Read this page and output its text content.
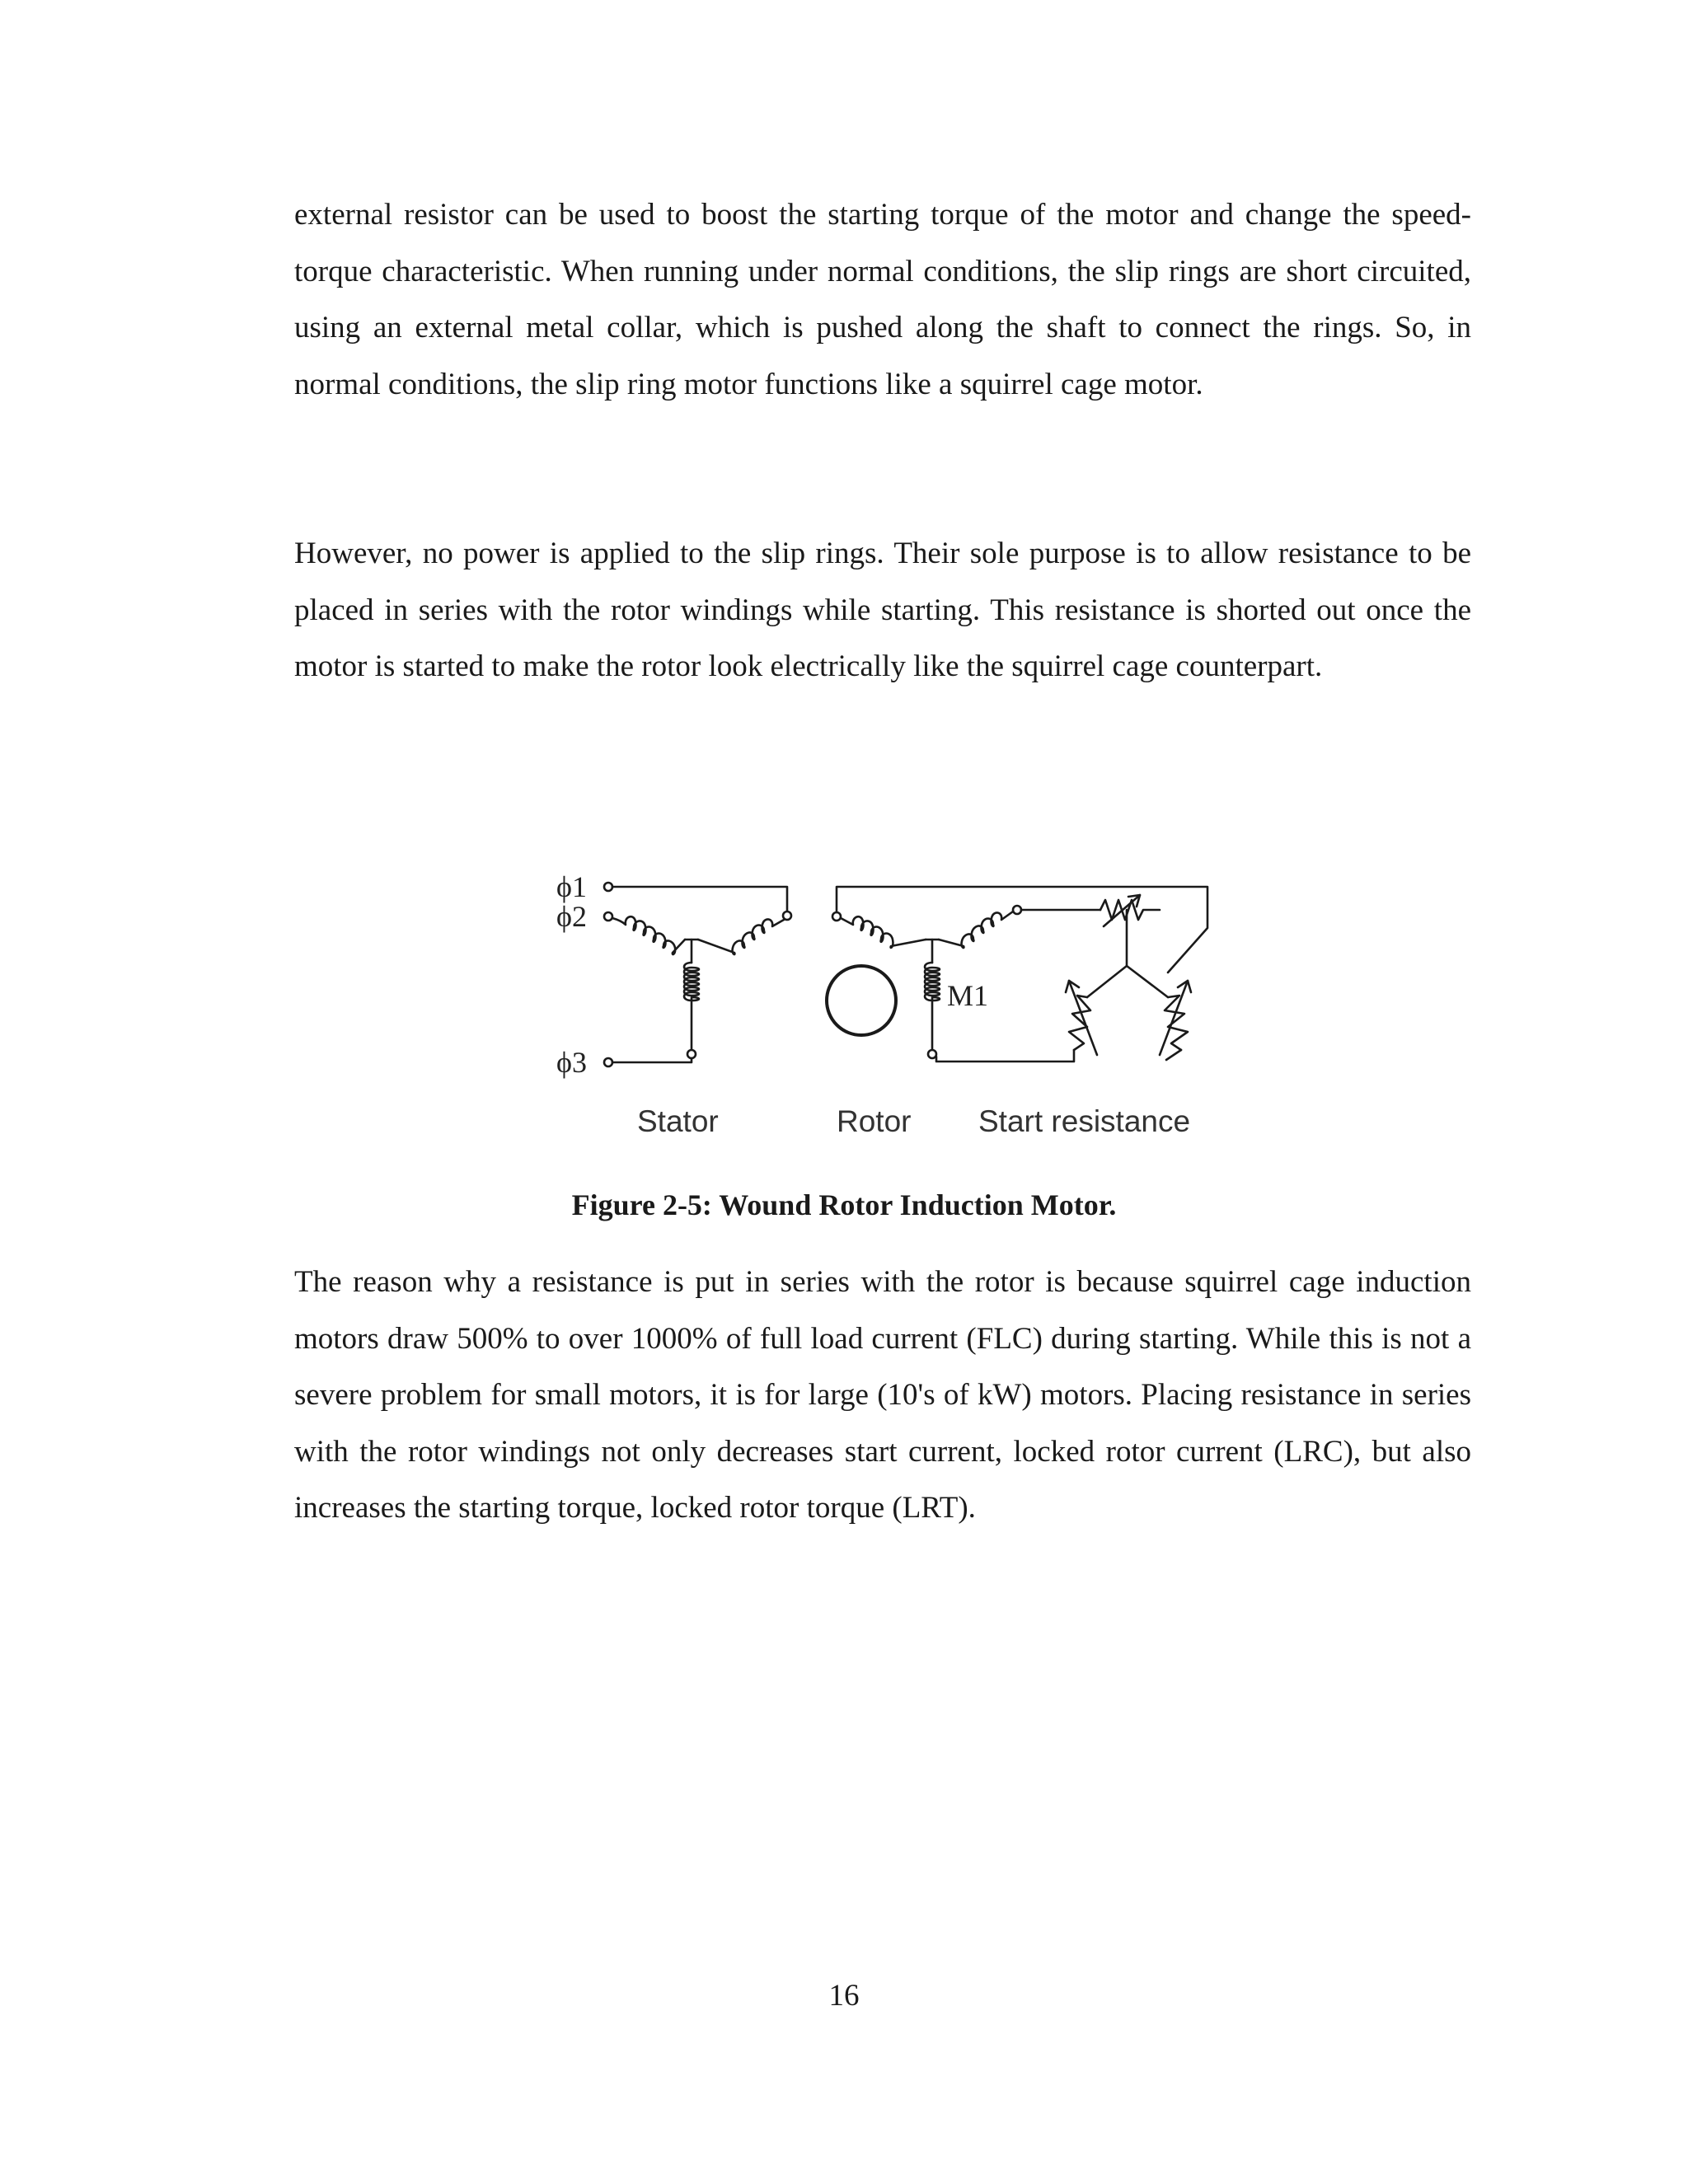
external resistor can be used to boost the starting torque of the motor and change the speed-torque characteristic. When running under normal conditions, the slip rings are short circuited, using an external metal collar, which is pushed along the shaft to connect the rings. So, in normal conditions, the slip ring motor functions like a squirrel cage motor.

However, no power is applied to the slip rings. Their sole purpose is to allow resistance to be placed in series with the rotor windings while starting. This resistance is shorted out once the motor is started to make the rotor look electrically like the squirrel cage counterpart.

ϕ1
ϕ2
ϕ3
M1
Stator	Rotor Start resistance

Figure 2-5: Wound Rotor Induction Motor.

The reason why a resistance is put in series with the rotor is because squirrel cage induction motors draw 500% to over 1000% of full load current (FLC) during starting. While this is not a severe problem for small motors, it is for large (10's of kW) motors. Placing resistance in series with the rotor windings not only decreases start current, locked rotor current (LRC), but also increases the starting torque, locked rotor torque (LRT).

16
